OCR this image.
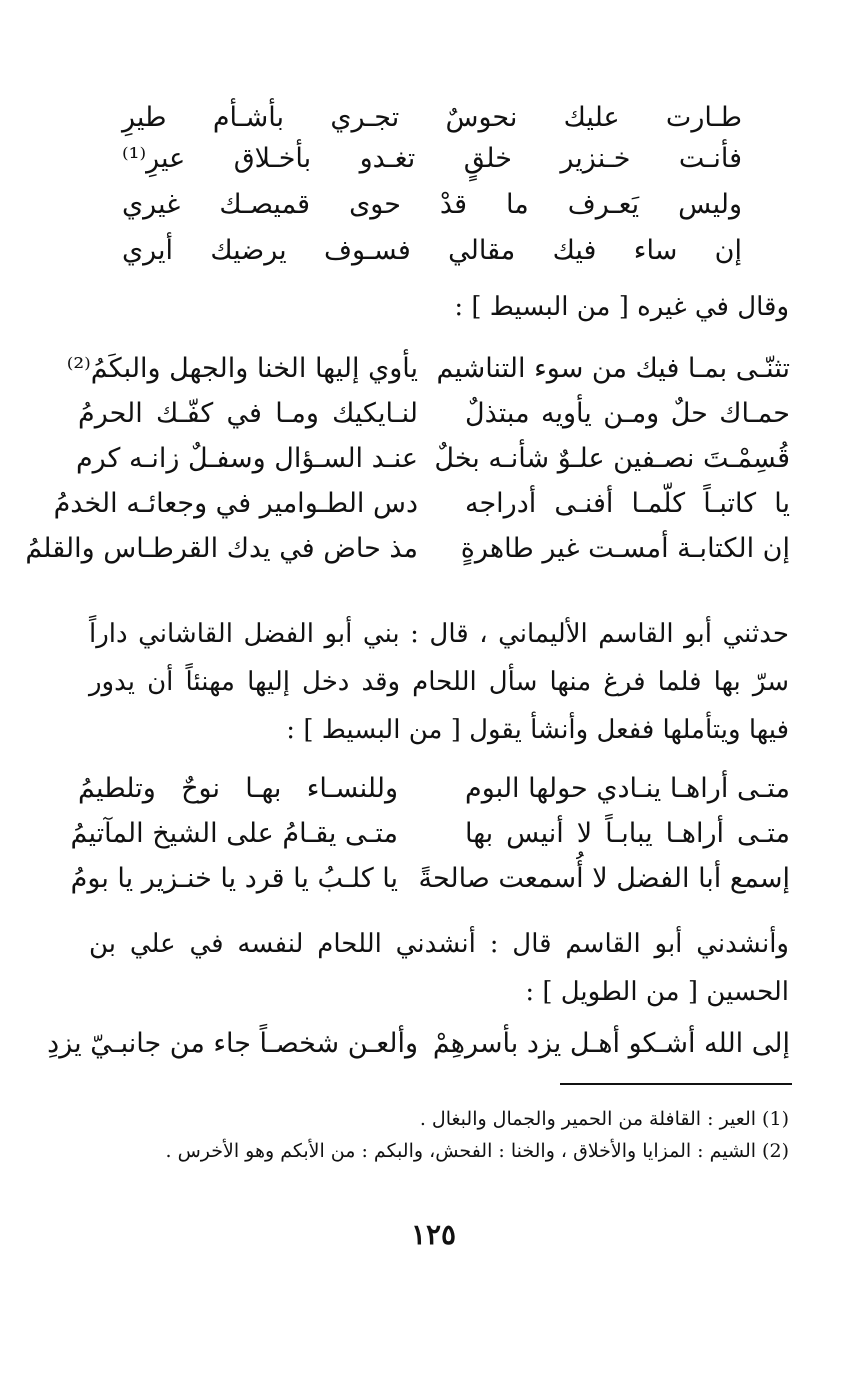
طـارت عليك نحوسٌ تجـري بأشـأم طيرِ
فأنـت خـنزير خلقٍ تغـدو بأخـلاق عيرِ⁽¹⁾
وليس يَعـرف ما قدْ حوى قميصـك غيري
إن ساء فيك مقالي فسـوف يرضيك أيري
وقال في غيره [ من البسيط ] :
تثنّـى بمـا فيك من سوء التناشيم
يأوي إليها الخنا والجهل والبكَمُ⁽²⁾
حمـاك حلٌ ومـن يأويه مبتذلٌ
لنـايكيك ومـا في كفّـك الحرمُ
قُسِمْـتَ نصـفين علـوٌ شأنـه بخلٌ
عنـد السـؤال وسفـلٌ زانـه كرم
يا كاتبـاً كلّمـا أفنـى أدراجه
دس الطـوامير في وجعائـه الخدمُ
إن الكتابـة أمسـت غير طاهرةٍ
مذ حاض في يدك القرطـاس والقلمُ
حدثني أبو القاسم الأليماني ، قال : بني أبو الفضل القاشاني داراً سرّ بها فلما فرغ منها سأل اللحام وقد دخل إليها مهنئاً أن يدور فيها ويتأملها ففعل وأنشأ يقول [ من البسيط ] :
متـى أراهـا ينـادي حولها البوم
وللنسـاء بهـا نوحٌ وتلطيمُ
متـى أراهـا يبابـاً لا أنيس بها
متـى يقـامُ على الشيخ المآتيمُ
إسمع أبا الفضل لا أُسمعت صالحةً
يا كلـبُ يا قرد يا خنـزير يا بومُ
وأنشدني أبو القاسم قال : أنشدني اللحام لنفسه في علي بن الحسين [ من الطويل ] :
إلى الله أشـكو أهـل يزد بأسرهِمْ
وألعـن شخصـاً جاء من جانبـيّ يزدِ
(1) العير : القافلة من الحمير والجمال والبغال .
(2) الشيم : المزايا والأخلاق ، والخنا : الفحش، والبكم : من الأبكم وهو الأخرس .
١٢٥
